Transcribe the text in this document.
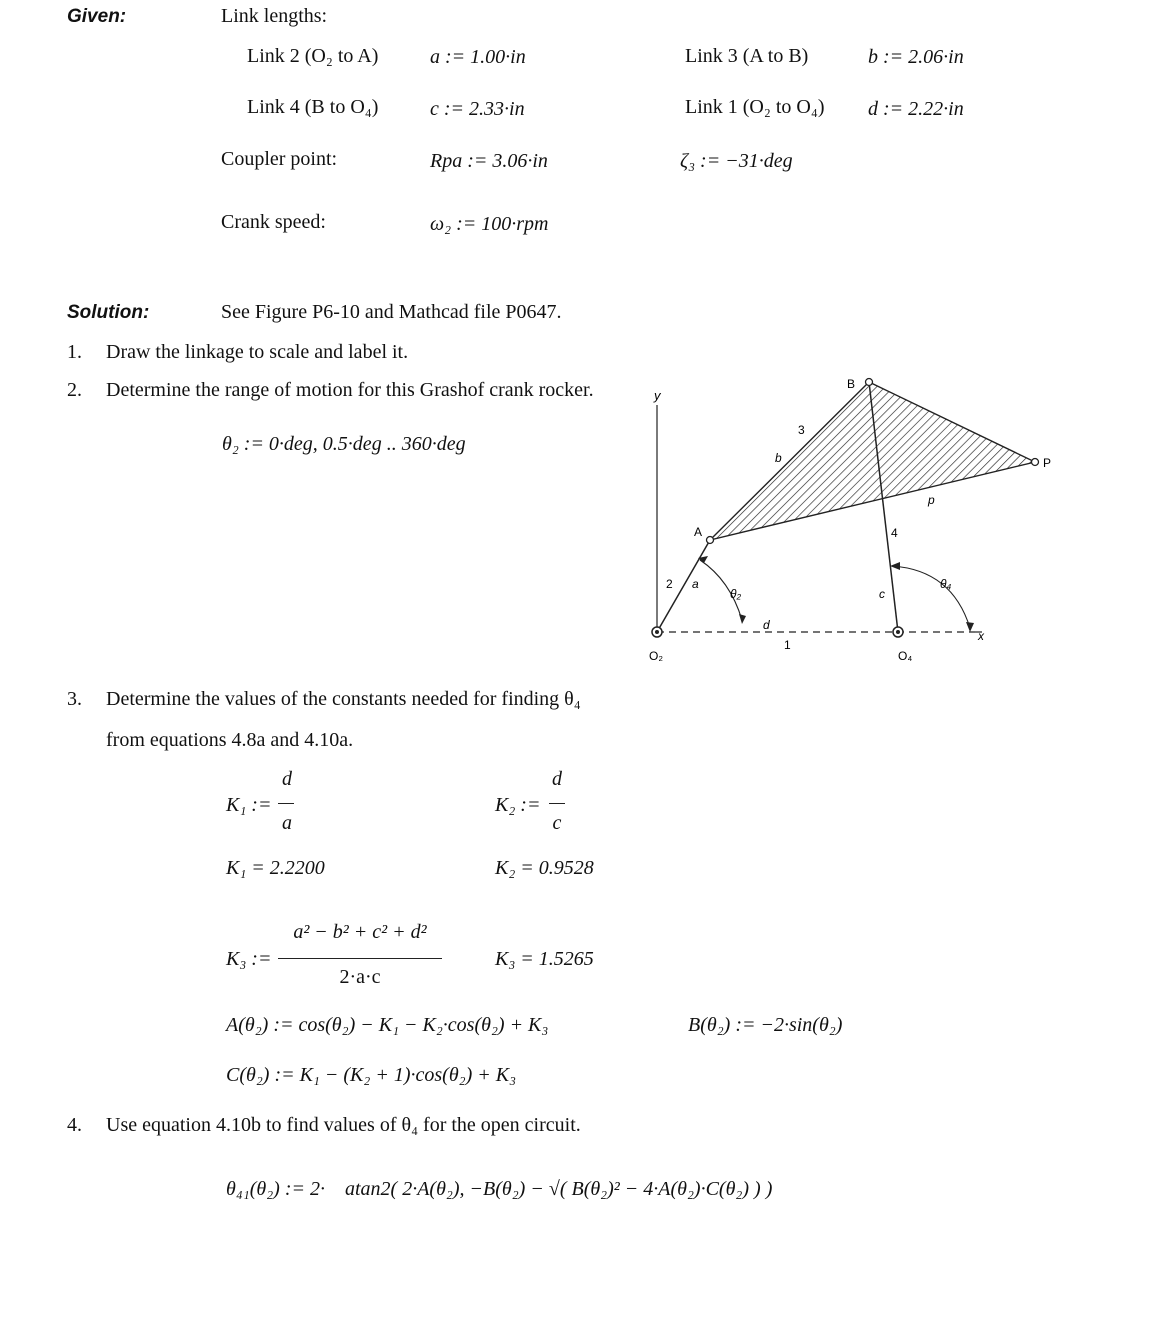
Given:	Link lengths:
Link 2 (O₂ to A)	a := 1.00·in	Link 3 (A to B)	b := 2.06·in
Link 4 (B to O₄)	c := 2.33·in	Link 1 (O₂ to O₄) d := 2.22·in
Coupler point:	Rpa := 3.06·in	ζ₃ := −31·deg
Crank speed:	ω₂ := 100·rpm
Solution:	See Figure P6-10 and Mathcad file P0647.
1. Draw the linkage to scale and label it.
2. Determine the range of motion for this Grashof crank rocker.
θ₂ := 0·deg, 0.5·deg .. 360·deg
y
x
B
P
A
O₂	O₄
3
b
p
4
c
2 a
θ₂
θ₄
d
1
3. Determine the values of the constants needed for finding θ₄
from equations 4.8a and 4.10a.
K₁ :=
d
a
K₂ :=
d
c
K₁ = 2.2200	K₂ = 0.9528
K₃ :=
a² − b² + c² + d²
2·a·c
K₃ = 1.5265
A(θ₂) := cos(θ₂) − K₁ − K₂·cos(θ₂) + K₃	B(θ₂) := −2·sin(θ₂)
C(θ₂) := K₁ − (K₂ + 1)·cos(θ₂) + K₃
4. Use equation 4.10b to find values of θ₄ for the open circuit.
θ₄₁(θ₂) := 2· atan2( 2·A(θ₂), −B(θ₂) − √( B(θ₂)² − 4·A(θ₂)·C(θ₂) ) )
